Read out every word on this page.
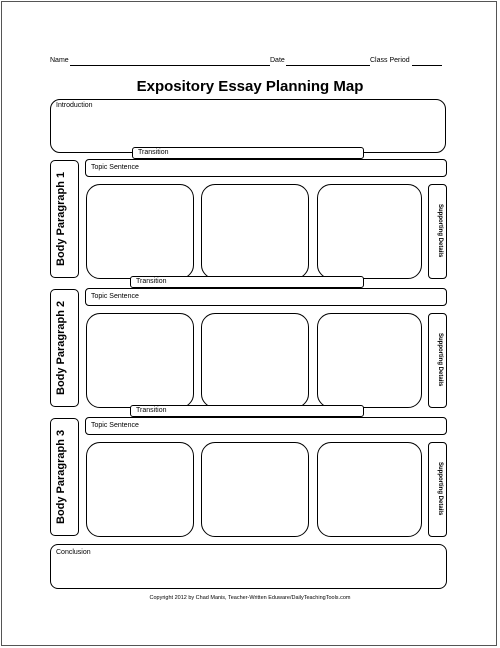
Name	Date	Class Period
Expository Essay Planning Map
Introduction
Transition
Body Paragraph 1
Topic Sentence
Supporting Details
Transition
Body Paragraph 2
Topic Sentence
Supporting Details
Transition
Body Paragraph 3
Topic Sentence
Supporting Details
Conclusion
Copyright 2012 by Chad Manis, Teacher-Written Eduware/DailyTeachingTools.com
